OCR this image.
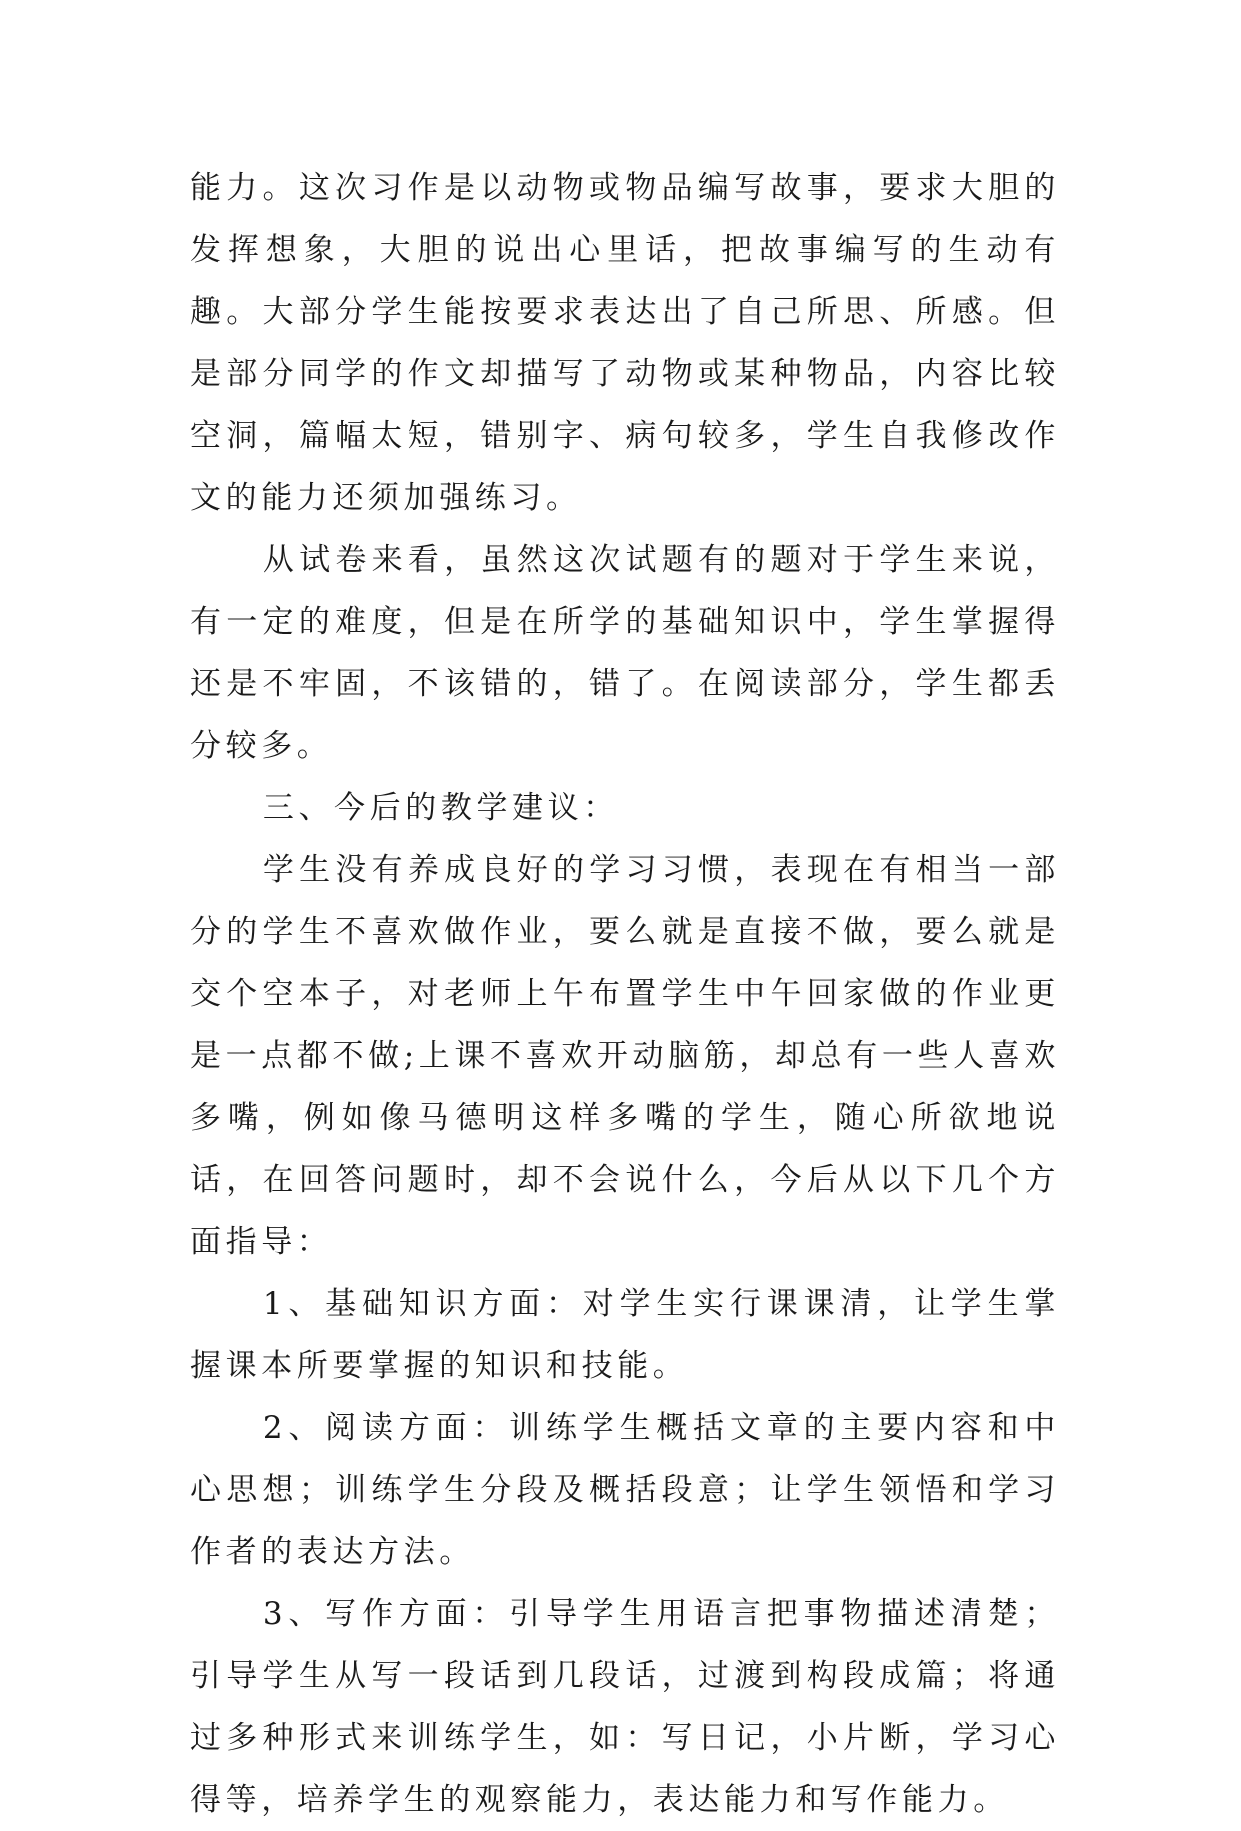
能力。这次习作是以动物或物品编写故事，要求大胆的发挥想象，大胆的说出心里话，把故事编写的生动有趣。大部分学生能按要求表达出了自己所思、所感。但是部分同学的作文却描写了动物或某种物品，内容比较空洞，篇幅太短，错别字、病句较多，学生自我修改作文的能力还须加强练习。

从试卷来看，虽然这次试题有的题对于学生来说，有一定的难度，但是在所学的基础知识中，学生掌握得还是不牢固，不该错的，错了。在阅读部分，学生都丢分较多。

三、今后的教学建议：

学生没有养成良好的学习习惯，表现在有相当一部分的学生不喜欢做作业，要么就是直接不做，要么就是交个空本子，对老师上午布置学生中午回家做的作业更是一点都不做;上课不喜欢开动脑筋，却总有一些人喜欢多嘴，例如像马德明这样多嘴的学生，随心所欲地说话，在回答问题时，却不会说什么，今后从以下几个方面指导：

1、基础知识方面：对学生实行课课清，让学生掌握课本所要掌握的知识和技能。

2、阅读方面：训练学生概括文章的主要内容和中心思想；训练学生分段及概括段意；让学生领悟和学习作者的表达方法。

3、写作方面：引导学生用语言把事物描述清楚；引导学生从写一段话到几段话，过渡到构段成篇；将通过多种形式来训练学生，如：写日记，小片断，学习心得等，培养学生的观察能力，表达能力和写作能力。
